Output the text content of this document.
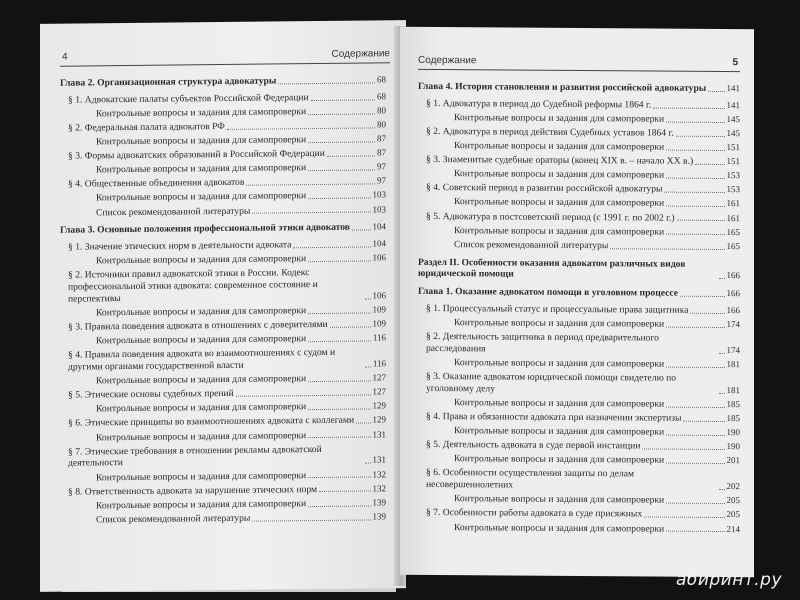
4	Содержание
Глава 2. Организационная структура адвокатуры	68
§ 1. Адвокатские палаты субъектов Российской Федерации	68
Контрольные вопросы и задания для самопроверки	80
§ 2. Федеральная палата адвокатов РФ	80
Контрольные вопросы и задания для самопроверки	87
§ 3. Формы адвокатских образований в Российской Федерации	87
Контрольные вопросы и задания для самопроверки	97
§ 4. Общественные объединения адвокатов	97
Контрольные вопросы и задания для самопроверки	103
Список рекомендованной литературы	103
Глава 3. Основные положения профессиональной этики адвокатов	104
§ 1. Значение этических норм в деятельности адвоката	104
Контрольные вопросы и задания для самопроверки	106
§ 2. Источники правил адвокатской этики в России. Кодекс профессиональной этики адвоката: современное состояние и перспективы	106
Контрольные вопросы и задания для самопроверки	109
§ 3. Правила поведения адвоката в отношениях с доверителями	109
Контрольные вопросы и задания для самопроверки	116
§ 4. Правила поведения адвоката во взаимоотношениях с судом и другими органами государственной власти	116
Контрольные вопросы и задания для самопроверки	127
§ 5. Этические основы судебных прений	127
Контрольные вопросы и задания для самопроверки	129
§ 6. Этические принципы во взаимоотношениях адвоката с коллегами 129
Контрольные вопросы и задания для самопроверки	131
§ 7. Этические требования в отношении рекламы адвокатской деятельности	131
Контрольные вопросы и задания для самопроверки	132
§ 8. Ответственность адвоката за нарушение этических норм	132
Контрольные вопросы и задания для самопроверки	139
Список рекомендованной литературы	139
Содержание	5
Глава 4. История становления и развития российской адвокатуры 141
§ 1. Адвокатура в период до Судебной реформы 1864 г.	141
Контрольные вопросы и задания для самопроверки	145
§ 2. Адвокатура в период действия Судебных уставов 1864 г.	145
Контрольные вопросы и задания для самопроверки	151
§ 3. Знаменитые судебные ораторы (конец XIX в. – начало XX в.)	151
Контрольные вопросы и задания для самопроверки	153
§ 4. Советский период в развитии российской адвокатуры	153
Контрольные вопросы и задания для самопроверки	161
§ 5. Адвокатура в постсоветский период (с 1991 г. по 2002 г.)	161
Контрольные вопросы и задания для самопроверки	165
Список рекомендованной литературы	165
Раздел II. Особенности оказания адвокатом различных видов юридической помощи	166
Глава 1. Оказание адвокатом помощи в уголовном процессе	166
§ 1. Процессуальный статус и процессуальные права защитника	166
Контрольные вопросы и задания для самопроверки	174
§ 2. Деятельность защитника в период предварительного расследования	174
Контрольные вопросы и задания для самопроверки	181
§ 3. Оказание адвокатом юридической помощи свидетелю по уголовному делу	181
Контрольные вопросы и задания для самопроверки	185
§ 4. Права и обязанности адвоката при назначении экспертизы	185
Контрольные вопросы и задания для самопроверки	190
§ 5. Деятельность адвоката в суде первой инстанции	190
Контрольные вопросы и задания для самопроверки	201
§ 6. Особенности осуществления защиты по делам несовершеннолетних	202
Контрольные вопросы и задания для самопроверки	205
§ 7. Особенности работы адвоката в суде присяжных	205
Контрольные вопросы и задания для самопроверки	214
абиринт.ру
